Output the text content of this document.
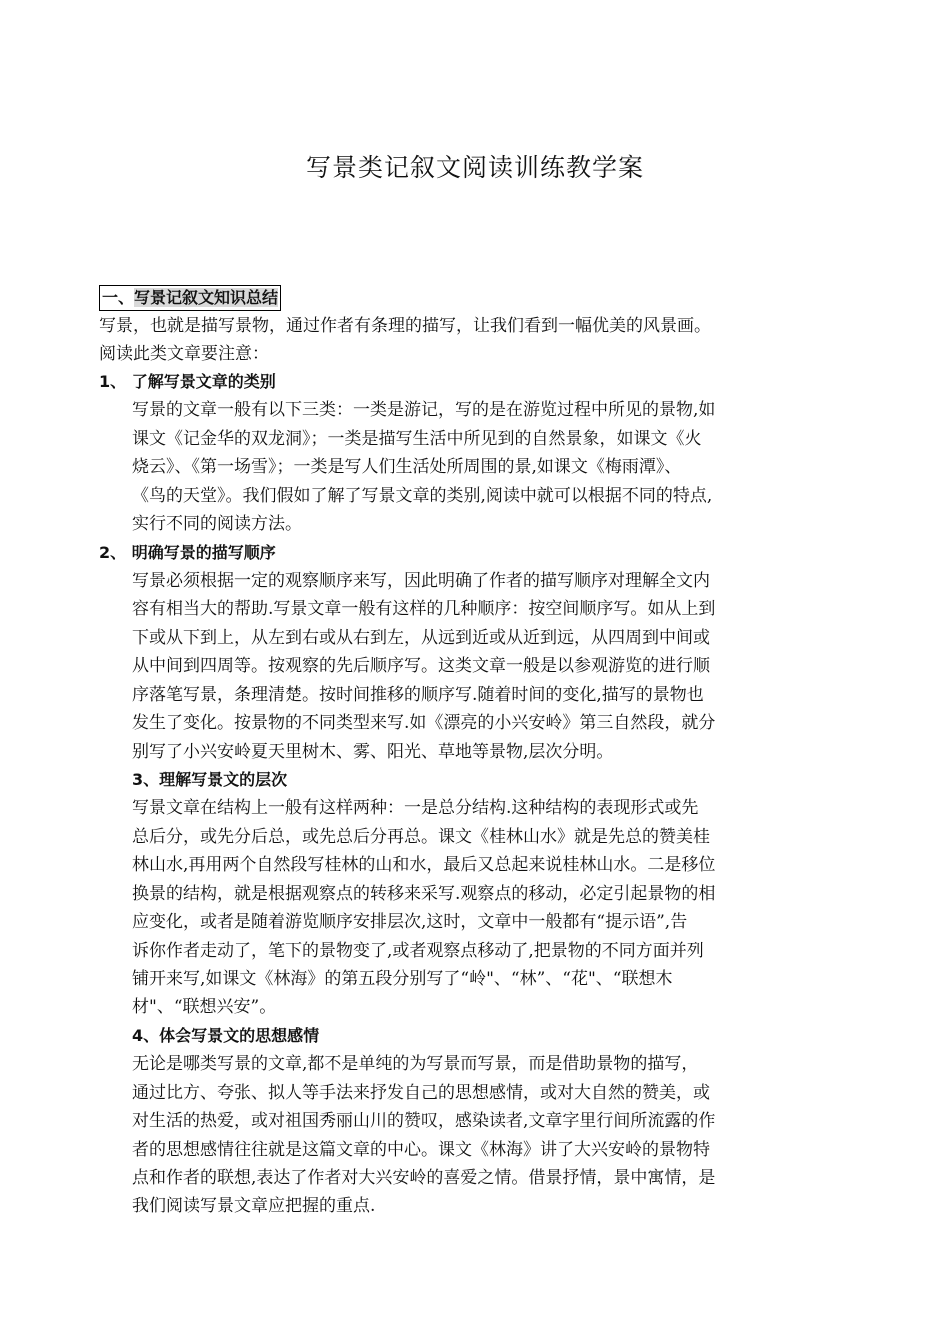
写景类记叙文阅读训练教学案
一、写景记叙文知识总结
写景，也就是描写景物，通过作者有条理的描写，让我们看到一幅优美的风景画。
阅读此类文章要注意：
1、 了解写景文章的类别
写景的文章一般有以下三类：一类是游记，写的是在游览过程中所见的景物,如
课文《记金华的双龙洞》；一类是描写生活中所见到的自然景象，如课文《火
烧云》、《第一场雪》；一类是写人们生活处所周围的景,如课文《梅雨潭》、
《鸟的天堂》。我们假如了解了写景文章的类别,阅读中就可以根据不同的特点,
实行不同的阅读方法。
2、 明确写景的描写顺序
写景必须根据一定的观察顺序来写，因此明确了作者的描写顺序对理解全文内
容有相当大的帮助.写景文章一般有这样的几种顺序：按空间顺序写。如从上到
下或从下到上，从左到右或从右到左，从远到近或从近到远，从四周到中间或
从中间到四周等。按观察的先后顺序写。这类文章一般是以参观游览的进行顺
序落笔写景，条理清楚。按时间推移的顺序写.随着时间的变化,描写的景物也
发生了变化。按景物的不同类型来写.如《漂亮的小兴安岭》第三自然段，就分
别写了小兴安岭夏天里树木、雾、阳光、草地等景物,层次分明。
3、理解写景文的层次
写景文章在结构上一般有这样两种：一是总分结构.这种结构的表现形式或先
总后分，或先分后总，或先总后分再总。课文《桂林山水》就是先总的赞美桂
林山水,再用两个自然段写桂林的山和水，最后又总起来说桂林山水。二是移位
换景的结构，就是根据观察点的转移来采写.观察点的移动，必定引起景物的相
应变化，或者是随着游览顺序安排层次,这时，文章中一般都有“提示语”,告
诉你作者走动了，笔下的景物变了,或者观察点移动了,把景物的不同方面并列
铺开来写,如课文《林海》的第五段分别写了“岭"、“林”、“花"、“联想木
材"、“联想兴安”。
4、体会写景文的思想感情
无论是哪类写景的文章,都不是单纯的为写景而写景，而是借助景物的描写，
通过比方、夸张、拟人等手法来抒发自己的思想感情，或对大自然的赞美，或
对生活的热爱，或对祖国秀丽山川的赞叹，感染读者,文章字里行间所流露的作
者的思想感情往往就是这篇文章的中心。课文《林海》讲了大兴安岭的景物特
点和作者的联想,表达了作者对大兴安岭的喜爱之情。借景抒情，景中寓情，是
我们阅读写景文章应把握的重点.
